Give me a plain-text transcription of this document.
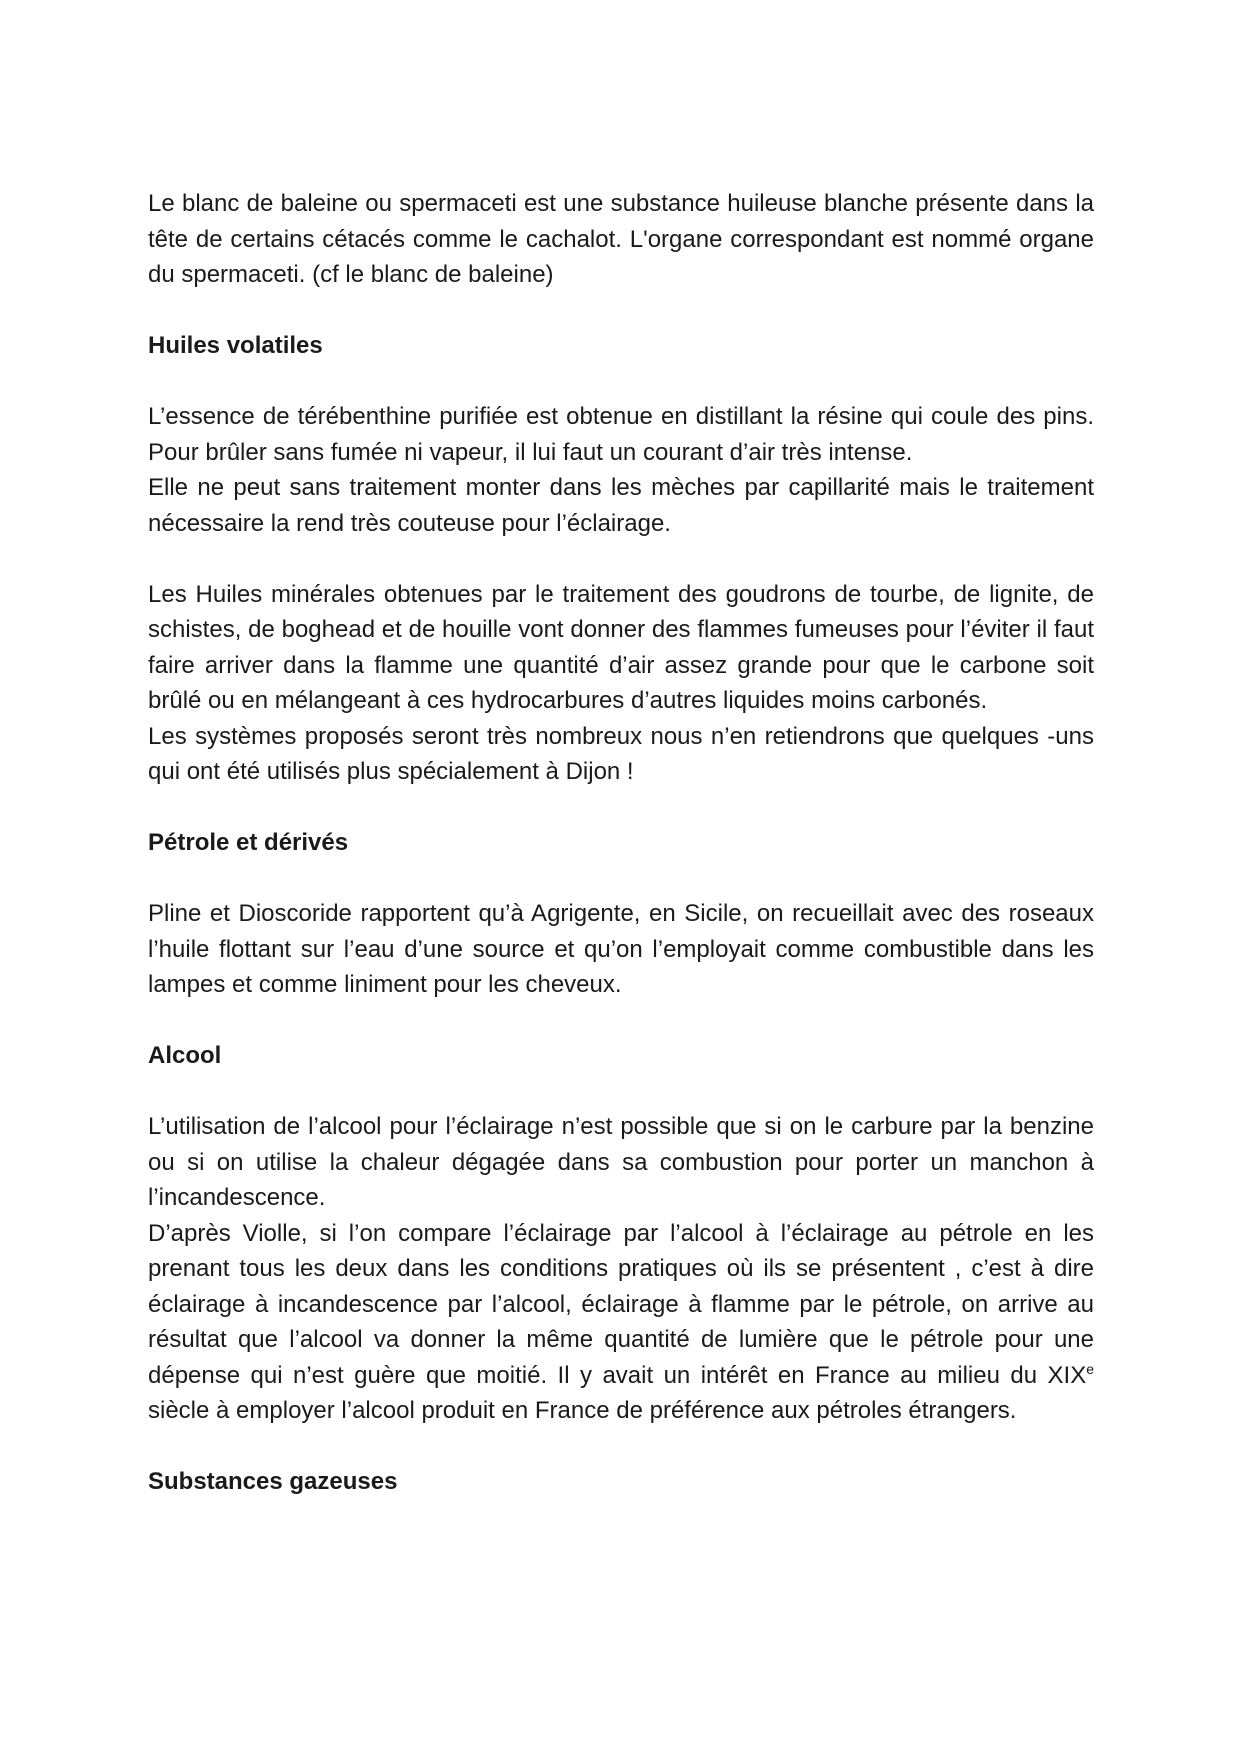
Le blanc de baleine ou spermaceti est une substance huileuse blanche présente dans la tête de certains cétacés comme le cachalot. L'organe correspondant est nommé organe du spermaceti. (cf le blanc de baleine)

Huiles volatiles

L’essence de térébenthine purifiée est obtenue en distillant la résine qui coule des pins. Pour brûler sans fumée ni vapeur, il lui faut un courant d’air très intense.

Elle ne peut sans traitement monter dans les mèches par capillarité mais le traitement nécessaire la rend très couteuse pour l’éclairage.

Les Huiles minérales obtenues par le traitement des goudrons de tourbe, de lignite, de schistes, de boghead et de houille vont donner des flammes fumeuses pour l’éviter il faut faire arriver dans la flamme une quantité d’air assez grande pour que le carbone soit brûlé ou en mélangeant à ces hydrocarbures d’autres liquides moins carbonés.

Les systèmes proposés seront très nombreux nous n’en retiendrons que quelques -uns qui ont été utilisés plus spécialement à Dijon !

Pétrole et dérivés

Pline et Dioscoride rapportent qu’à Agrigente, en Sicile, on recueillait avec des roseaux l’huile flottant sur l’eau d’une source et qu’on l’employait comme combustible dans les lampes et comme liniment pour les cheveux.

Alcool

L’utilisation de l’alcool pour l’éclairage n’est possible que si on le carbure par la benzine ou si on utilise la chaleur dégagée dans sa combustion pour porter un manchon à l’incandescence.

D’après Violle, si l’on compare l’éclairage par l’alcool à l’éclairage au pétrole en les prenant tous les deux dans les conditions pratiques où ils se présentent , c’est à dire éclairage à incandescence par l’alcool, éclairage à flamme par le pétrole, on arrive au résultat que l’alcool va donner la même quantité de lumière que le pétrole pour une dépense qui n’est guère que moitié. Il y avait un intérêt en France au milieu du XIXe siècle à employer l’alcool produit en France de préférence aux pétroles étrangers.

Substances gazeuses
